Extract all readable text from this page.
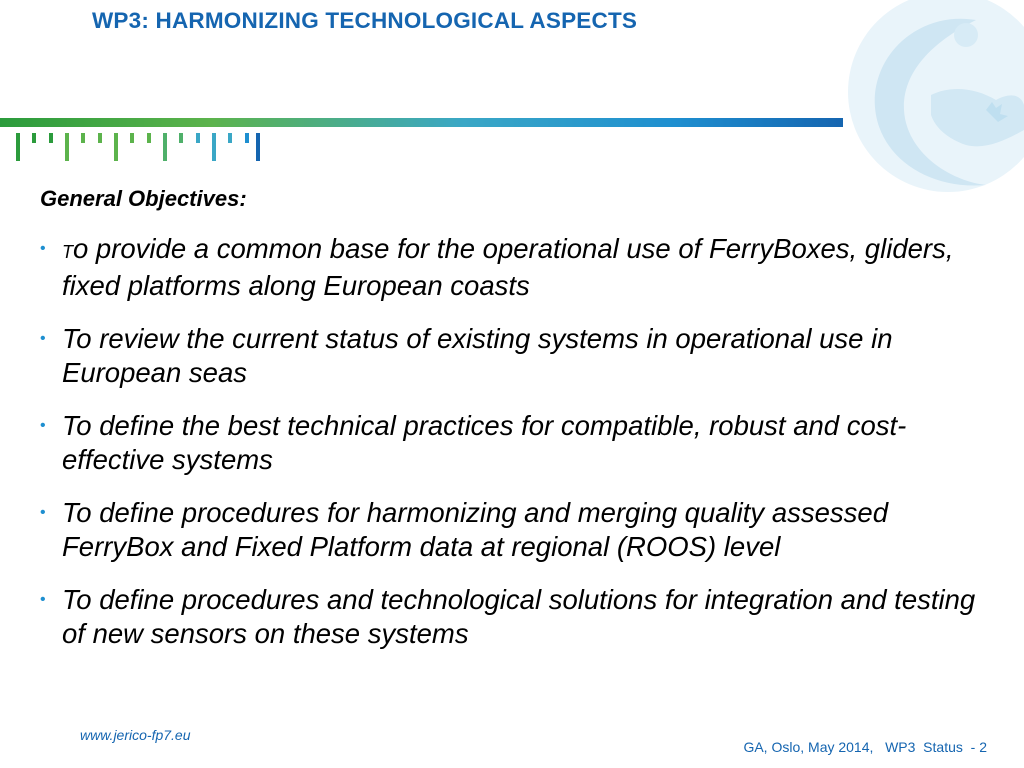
WP3: HARMONIZING TECHNOLOGICAL ASPECTS
General Objectives:
• To provide a common base for the operational use of FerryBoxes, gliders, fixed platforms along European coasts
• To review the current status of existing systems in operational use in European seas
• To define the best technical practices for compatible, robust and cost-effective systems
• To define procedures for harmonizing and merging quality assessed FerryBox and Fixed Platform data at regional (ROOS) level
• To define procedures and technological solutions for integration and testing of new sensors on these systems
www.jerico-fp7.eu
GA, Oslo, May 2014,   WP3  Status  - 2
